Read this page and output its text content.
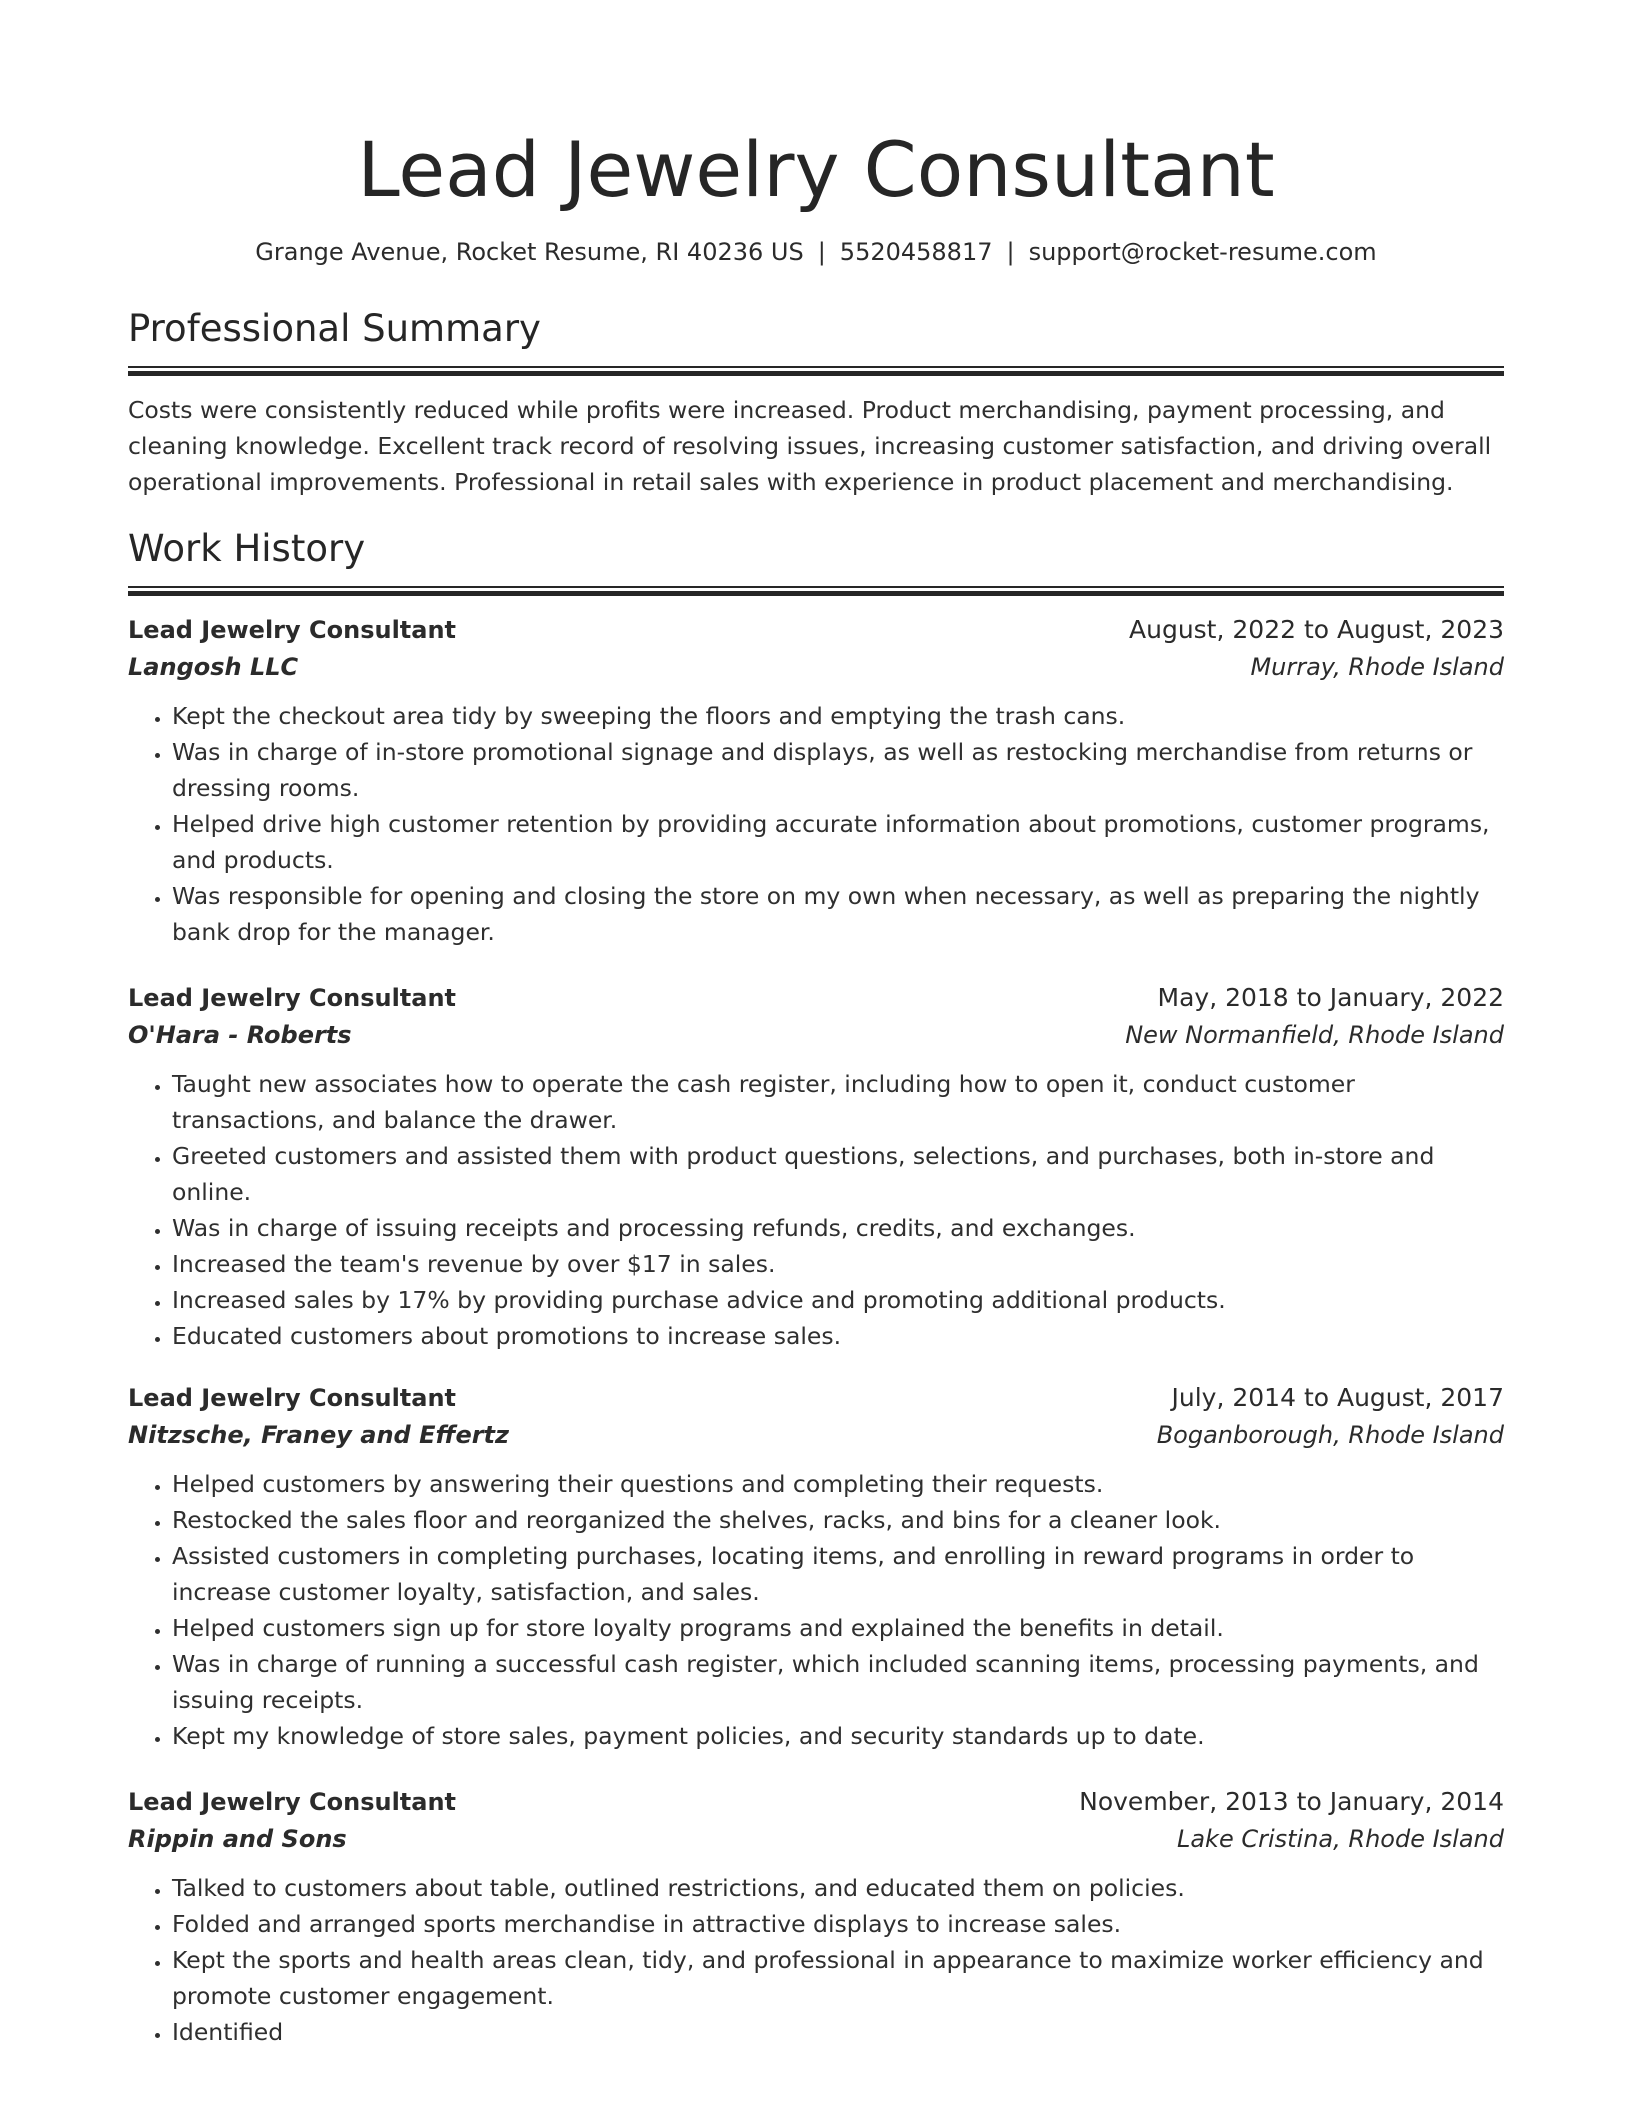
Lead Jewelry Consultant
Grange Avenue, Rocket Resume, RI 40236 US | 5520458817 | support@rocket-resume.com
Professional Summary

Costs were consistently reduced while profits were increased. Product merchandising, payment processing, and cleaning knowledge. Excellent track record of resolving issues, increasing customer satisfaction, and driving overall operational improvements. Professional in retail sales with experience in product placement and merchandising.

Work History
Lead Jewelry Consultant	August, 2022 to August, 2023
Langosh LLC	Murray, Rhode Island
• Kept the checkout area tidy by sweeping the floors and emptying the trash cans.
• Was in charge of in-store promotional signage and displays, as well as restocking merchandise from returns or dressing rooms.
• Helped drive high customer retention by providing accurate information about promotions, customer programs, and products.
• Was responsible for opening and closing the store on my own when necessary, as well as preparing the nightly bank drop for the manager.
Lead Jewelry Consultant	May, 2018 to January, 2022
O'Hara - Roberts	New Normanfield, Rhode Island
• Taught new associates how to operate the cash register, including how to open it, conduct customer transactions, and balance the drawer.
• Greeted customers and assisted them with product questions, selections, and purchases, both in-store and online.
• Was in charge of issuing receipts and processing refunds, credits, and exchanges.
• Increased the team's revenue by over $17 in sales.
• Increased sales by 17% by providing purchase advice and promoting additional products.
• Educated customers about promotions to increase sales.
Lead Jewelry Consultant	July, 2014 to August, 2017
Nitzsche, Franey and Effertz	Boganborough, Rhode Island
• Helped customers by answering their questions and completing their requests.
• Restocked the sales floor and reorganized the shelves, racks, and bins for a cleaner look.
• Assisted customers in completing purchases, locating items, and enrolling in reward programs in order to increase customer loyalty, satisfaction, and sales.
• Helped customers sign up for store loyalty programs and explained the benefits in detail.
• Was in charge of running a successful cash register, which included scanning items, processing payments, and issuing receipts.
• Kept my knowledge of store sales, payment policies, and security standards up to date.
Lead Jewelry Consultant	November, 2013 to January, 2014
Rippin and Sons	Lake Cristina, Rhode Island
• Talked to customers about table, outlined restrictions, and educated them on policies.
• Folded and arranged sports merchandise in attractive displays to increase sales.
• Kept the sports and health areas clean, tidy, and professional in appearance to maximize worker efficiency and promote customer engagement.
• Identified
